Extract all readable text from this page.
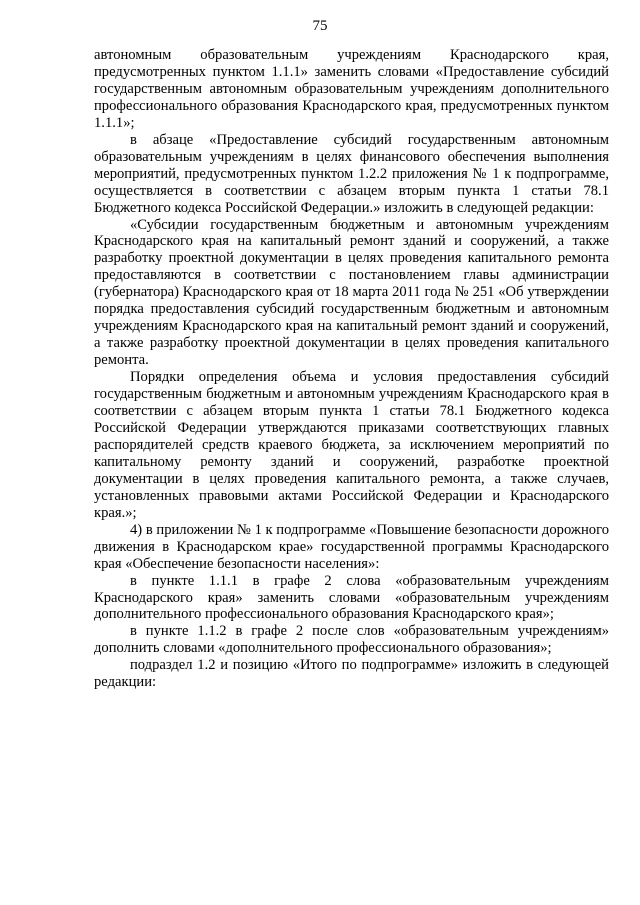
75

автономным образовательным учреждениям Краснодарского края, предусмотренных пунктом 1.1.1» заменить словами «Предоставление субсидий государственным автономным образовательным учреждениям дополнительного профессионального образования Краснодарского края, предусмотренных пунктом 1.1.1»;

в абзаце «Предоставление субсидий государственным автономным образовательным учреждениям в целях финансового обеспечения выполнения мероприятий, предусмотренных пунктом 1.2.2 приложения № 1 к подпрограмме, осуществляется в соответствии с абзацем вторым пункта 1 статьи 78.1 Бюджетного кодекса Российской Федерации.» изложить в следующей редакции:

«Субсидии государственным бюджетным и автономным учреждениям Краснодарского края на капитальный ремонт зданий и сооружений, а также разработку проектной документации в целях проведения капитального ремонта предоставляются в соответствии с постановлением главы администрации (губернатора) Краснодарского края от 18 марта 2011 года № 251 «Об утверждении порядка предоставления субсидий государственным бюджетным и автономным учреждениям Краснодарского края на капитальный ремонт зданий и сооружений, а также разработку проектной документации в целях проведения капитального ремонта.

Порядки определения объема и условия предоставления субсидий государственным бюджетным и автономным учреждениям Краснодарского края в соответствии с абзацем вторым пункта 1 статьи 78.1 Бюджетного кодекса Российской Федерации утверждаются приказами соответствующих главных распорядителей средств краевого бюджета, за исключением мероприятий по капитальному ремонту зданий и сооружений, разработке проектной документации в целях проведения капитального ремонта, а также случаев, установленных правовыми актами Российской Федерации и Краснодарского края.»;

4) в приложении № 1 к подпрограмме «Повышение безопасности дорожного движения в Краснодарском крае» государственной программы Краснодарского края «Обеспечение безопасности населения»:

в пункте 1.1.1 в графе 2 слова «образовательным учреждениям Краснодарского края» заменить словами «образовательным учреждениям дополнительного профессионального образования Краснодарского края»;

в пункте 1.1.2 в графе 2 после слов «образовательным учреждениям» дополнить словами «дополнительного профессионального образования»;

подраздел 1.2 и позицию «Итого по подпрограмме» изложить в следующей редакции:
